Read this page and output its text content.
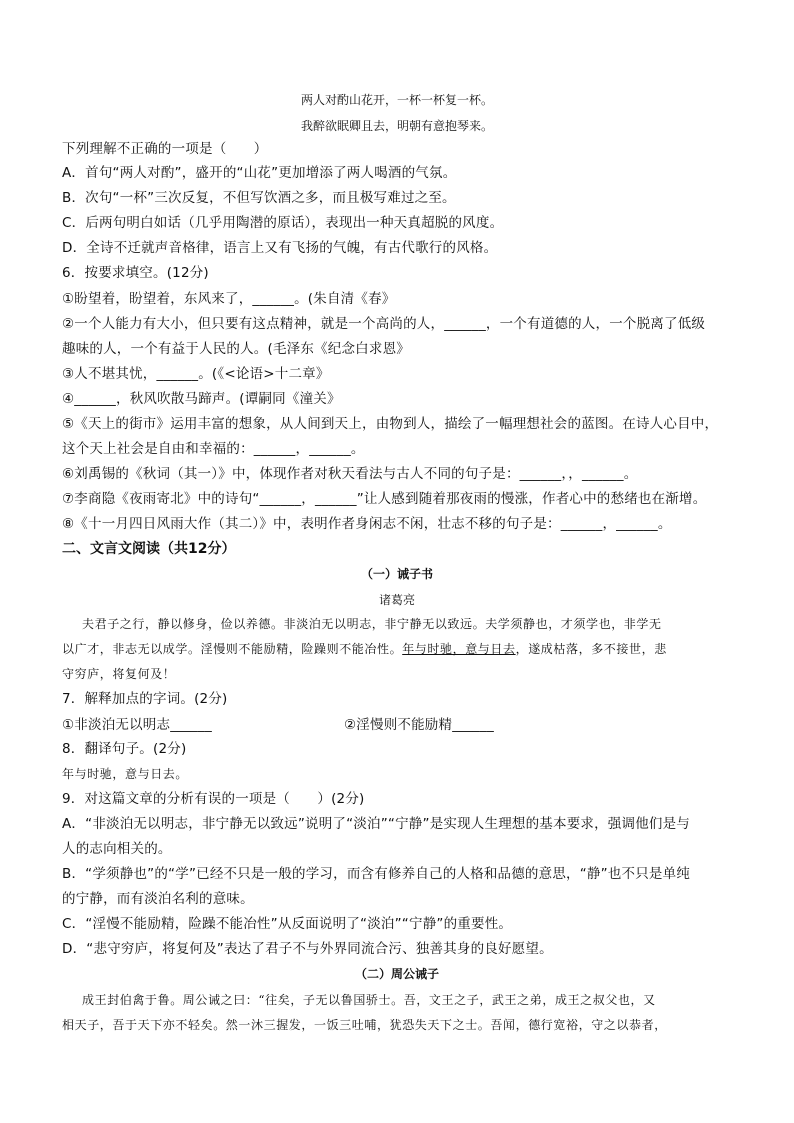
两人对酌山花开，一杯一杯复一杯。
我醉欲眠卿且去，明朝有意抱琴来。
下列理解不正确的一项是（　　）
A．首句“两人对酌”，盛开的“山花”更加增添了两人喝酒的气氛。
B．次句“一杯”三次反复，不但写饮酒之多，而且极写难过之至。
C．后两句明白如话（几乎用陶潜的原话），表现出一种天真超脱的风度。
D．全诗不迁就声音格律，语言上又有飞扬的气魄，有古代歌行的风格。
6．按要求填空。(12分)
①盼望着，盼望着，东风来了，______。(朱自清《春》
②一个人能力有大小，但只要有这点精神，就是一个高尚的人，______，一个有道德的人，一个脱离了低级
趣味的人，一个有益于人民的人。(毛泽东《纪念白求恩》
③人不堪其忧，______。(《<论语>十二章》
④______，秋风吹散马蹄声。(谭嗣同《潼关》
⑤《天上的街市》运用丰富的想象，从人间到天上，由物到人，描绘了一幅理想社会的蓝图。在诗人心目中，
这个天上社会是自由和幸福的：______，______。
⑥刘禹锡的《秋词（其一）》中，体现作者对秋天看法与古人不同的句子是：______，，______。
⑦李商隐《夜雨寄北》中的诗句“______，______”让人感到随着那夜雨的慢涨，作者心中的愁绪也在渐增。
⑧《十一月四日风雨大作（其二）》中，表明作者身闲志不闲，壮志不移的句子是：______，______。
二、文言文阅读（共12分）
（一）诫子书
诸葛亮
夫君子之行，静以修身，俭以养德。非淡泊无以明志，非宁静无以致远。夫学须静也，才须学也，非学无
以广才，非志无以成学。淫慢则不能励精，险躁则不能冶性。年与时驰，意与日去，遂成枯落，多不接世，悲
守穷庐，将复何及！
7．解释加点的字词。(2分)
①非淡泊无以明志______	②淫慢则不能励精______
8．翻译句子。(2分)
年与时驰，意与日去。
9．对这篇文章的分析有误的一项是（　　）(2分)
A．“非淡泊无以明志，非宁静无以致远”说明了“淡泊”“宁静”是实现人生理想的基本要求，强调他们是与
人的志向相关的。
B．“学须静也”的“学”已经不只是一般的学习，而含有修养自己的人格和品德的意思，“静”也不只是单纯
的宁静，而有淡泊名利的意味。
C．“淫慢不能励精，险躁不能冶性”从反面说明了“淡泊”“宁静”的重要性。
D．“悲守穷庐，将复何及”表达了君子不与外界同流合污、独善其身的良好愿望。
（二）周公诫子
成王封伯禽于鲁。周公诫之曰：“往矣，子无以鲁国骄士。吾，文王之子，武王之弟，成王之叔父也，又
相天子，吾于天下亦不轻矣。然一沐三握发，一饭三吐哺，犹恐失天下之士。吾闻，德行宽裕，守之以恭者，
